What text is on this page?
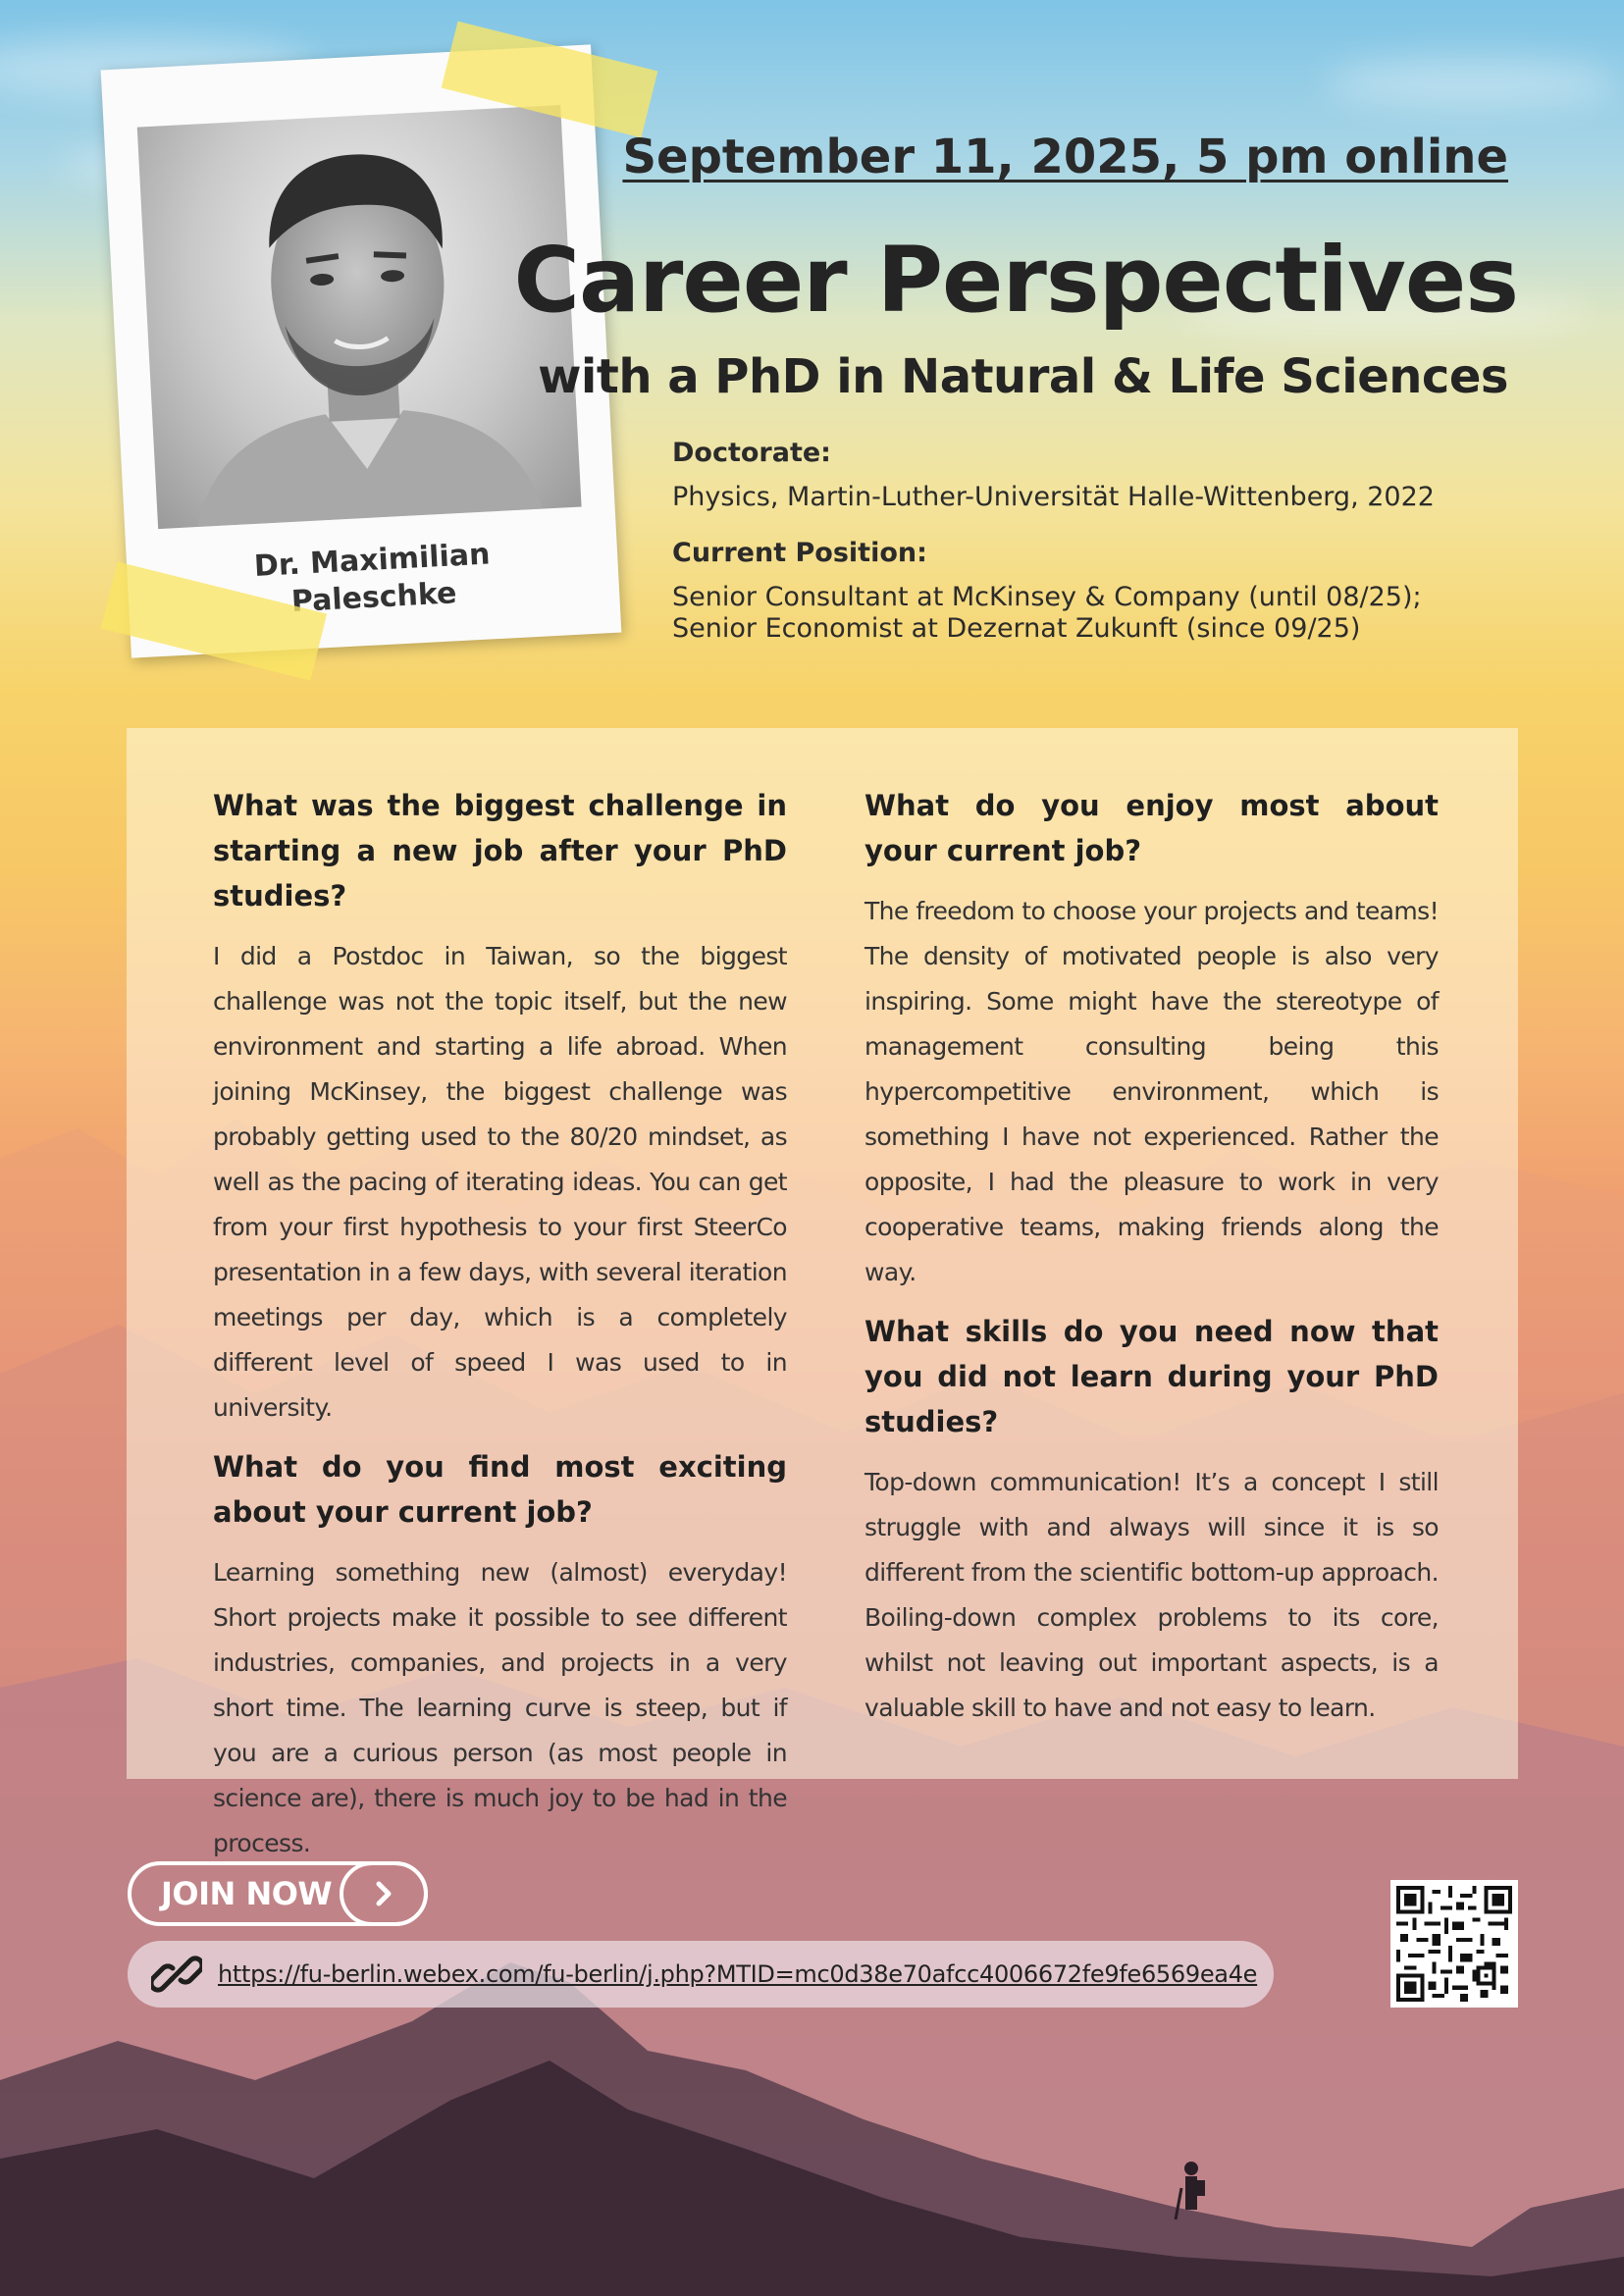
Dr. Maximilian
Paleschke
September 11, 2025, 5 pm online
Career Perspectives
with a PhD in Natural & Life Sciences
Doctorate:
Physics, Martin-Luther-Universität Halle-Wittenberg, 2022
Current Position:
Senior Consultant at McKinsey & Company (until 08/25);
Senior Economist at Dezernat Zukunft (since 09/25)

What was the biggest challenge in starting a new job after your PhD studies?

I did a Postdoc in Taiwan, so the biggest challenge was not the topic itself, but the new environment and starting a life abroad. When joining McKinsey, the biggest challenge was probably getting used to the 80/20 mindset, as well as the pacing of iterating ideas. You can get from your first hypothesis to your first SteerCo presentation in a few days, with several iteration meetings per day, which is a completely different level of speed I was used to in university.

What do you find most exciting about your current job?

Learning something new (almost) everyday! Short projects make it possible to see different industries, companies, and projects in a very short time. The learning curve is steep, but if you are a curious person (as most people in science are), there is much joy to be had in the process.

What do you enjoy most about your current job?

The freedom to choose your projects and teams! The density of motivated people is also very inspiring. Some might have the stereotype of management consulting being this hypercompetitive environment, which is something I have not experienced. Rather the opposite, I had the pleasure to work in very cooperative teams, making friends along the way.

What skills do you need now that you did not learn during your PhD studies?

Top-down communication! It’s a concept I still struggle with and always will since it is so different from the scientific bottom-up approach. Boiling-down complex problems to its core, whilst not leaving out important aspects, is a valuable skill to have and not easy to learn.

JOIN NOW
https://fu-berlin.webex.com/fu-berlin/j.php?MTID=mc0d38e70afcc4006672fe9fe6569ea4e
